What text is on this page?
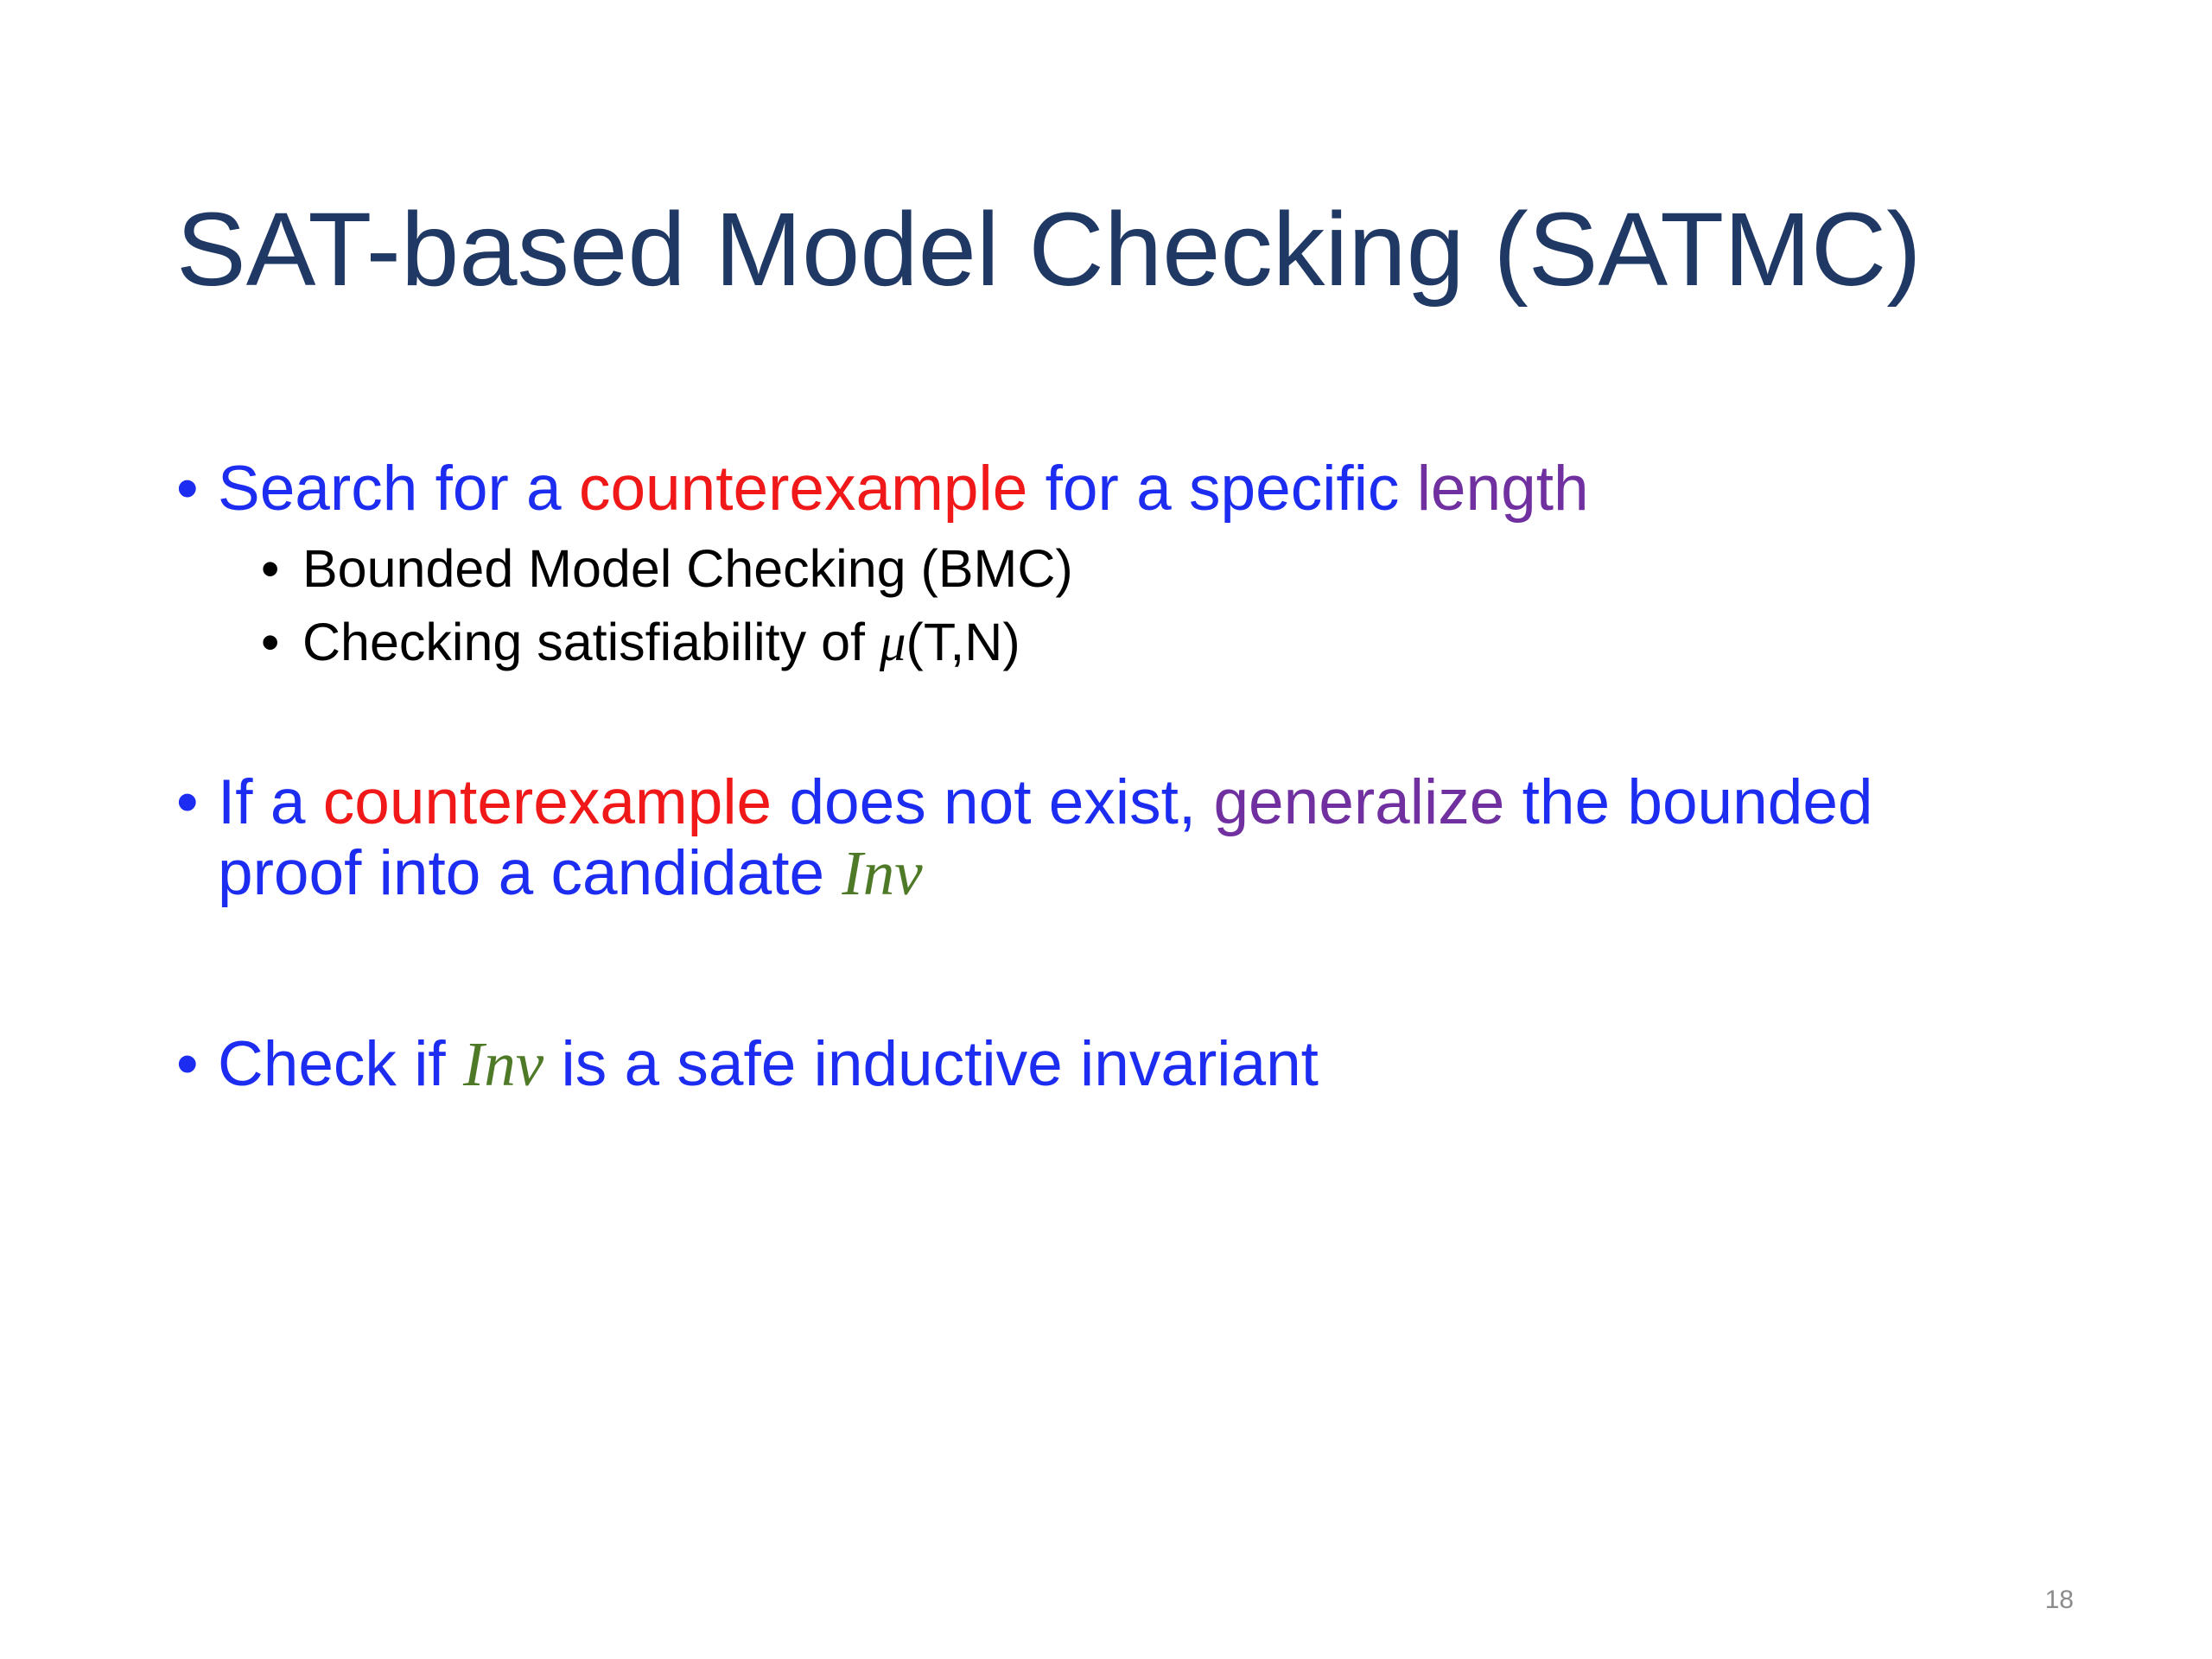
SAT-based Model Checking (SATMC)
• Search for a counterexample for a specific length
• Bounded Model Checking (BMC)
• Checking satisfiability of μ(T,N)
• If a counterexample does not exist, generalize the bounded proof into a candidate Inv
• Check if Inv is a safe inductive invariant
18
